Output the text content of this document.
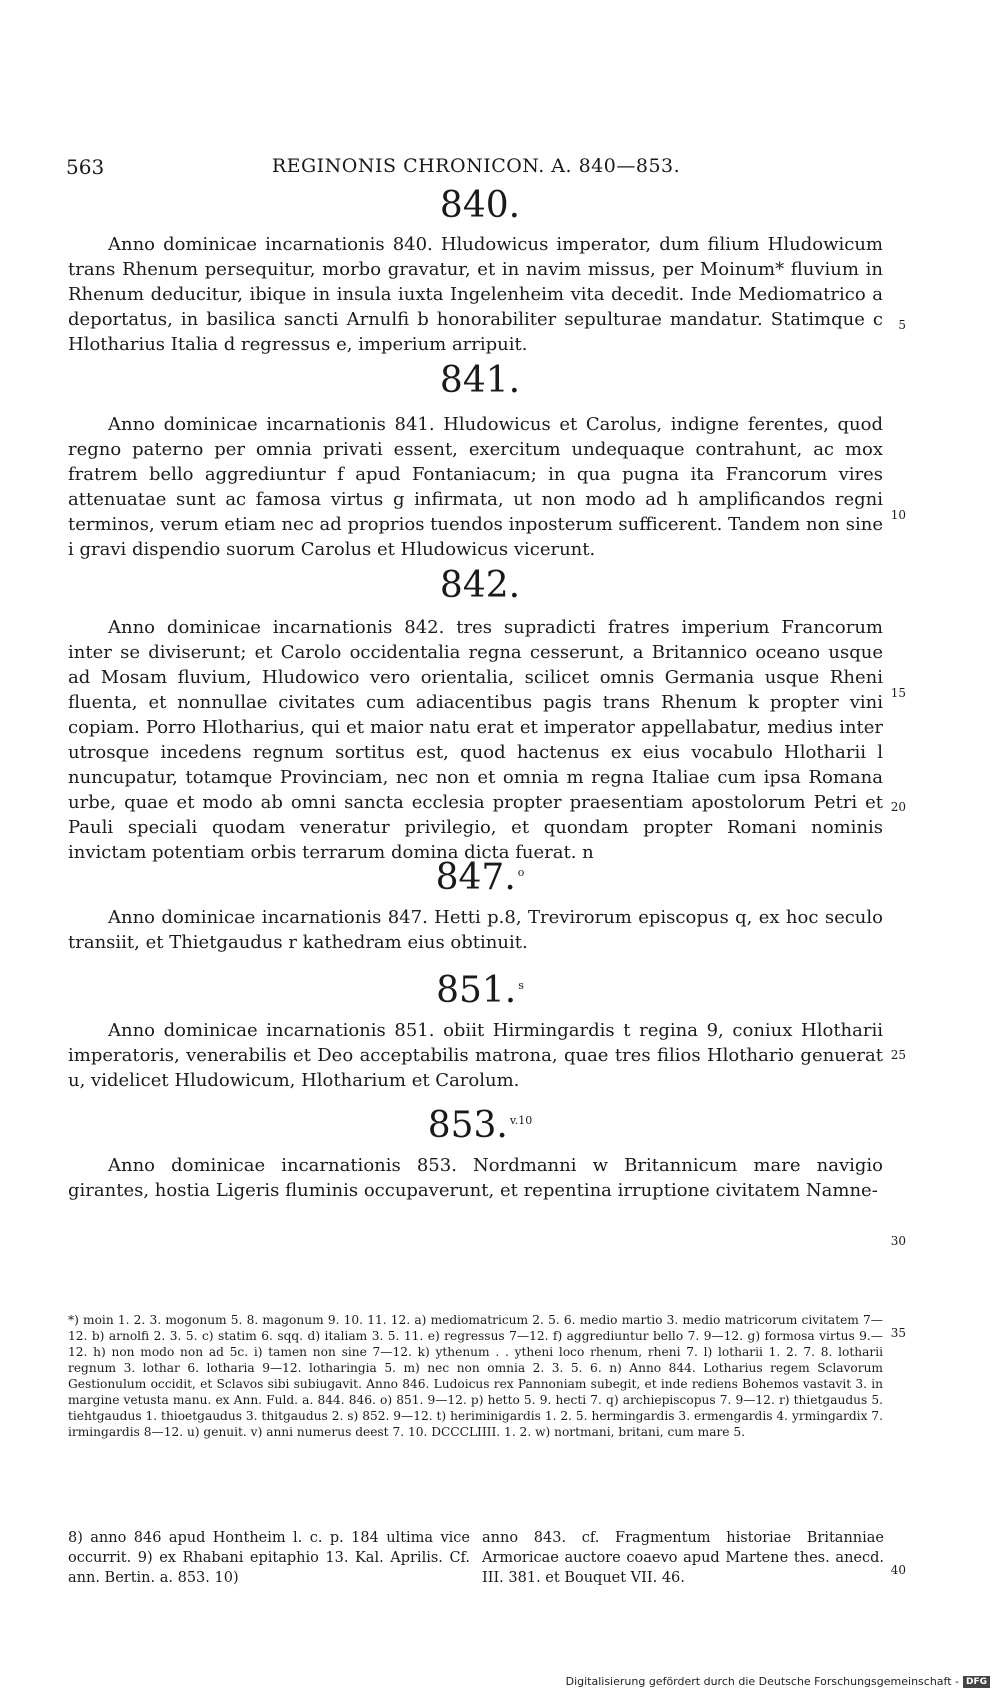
563	REGINONIS CHRONICON. A. 840—853.
840.

Anno dominicae incarnationis 840. Hludowicus imperator, dum filium Hludowicum trans Rhenum persequitur, morbo gravatur, et in navim missus, per Moinum* fluvium in Rhenum deducitur, ibique in insula iuxta Ingelenheim vita decedit. Inde Mediomatrico a deportatus, in basilica sancti Arnulfi b honorabiliter sepulturae mandatur. Statimque c Hlotharius Italia d regressus e, imperium arripuit.

841.

Anno dominicae incarnationis 841. Hludowicus et Carolus, indigne ferentes, quod regno paterno per omnia privati essent, exercitum undequaque contrahunt, ac mox fratrem bello aggrediuntur f apud Fontaniacum; in qua pugna ita Francorum vires attenuatae sunt ac famosa virtus g infirmata, ut non modo ad h amplificandos regni terminos, verum etiam nec ad proprios tuendos inposterum sufficerent. Tandem non sine i gravi dispendio suorum Carolus et Hludowicus vicerunt.

842.

Anno dominicae incarnationis 842. tres supradicti fratres imperium Francorum inter se diviserunt; et Carolo occidentalia regna cesserunt, a Britannico oceano usque ad Mosam fluvium, Hludowico vero orientalia, scilicet omnis Germania usque Rheni fluenta, et nonnullae civitates cum adiacentibus pagis trans Rhenum k propter vini copiam. Porro Hlotharius, qui et maior natu erat et imperator appellabatur, medius inter utrosque incedens regnum sortitus est, quod hactenus ex eius vocabulo Hlotharii l nuncupatur, totamque Provinciam, nec non et omnia m regna Italiae cum ipsa Romana urbe, quae et modo ab omni sancta ecclesia propter praesentiam apostolorum Petri et Pauli speciali quodam veneratur privilegio, et quondam propter Romani nominis invictam potentiam orbis terrarum domina dicta fuerat. n

847. $^o$

Anno dominicae incarnationis 847. Hetti p.8, Trevirorum episcopus q, ex hoc seculo transiit, et Thietgaudus r kathedram eius obtinuit.

851. $^s$

Anno dominicae incarnationis 851. obiit Hirmingardis t regina 9, coniux Hlotharii imperatoris, venerabilis et Deo acceptabilis matrona, quae tres filios Hlothario genuerat u, videlicet Hludowicum, Hlotharium et Carolum.

853. $^{v.10}$

Anno dominicae incarnationis 853. Nordmanni w Britannicum mare navigio girantes, hostia Ligeris fluminis occupaverunt, et repentina irruptione civitatem Namne-

5
10
15
20
25
30
35
40

*) moin 1. 2. 3. mogonum 5. 8. magonum 9. 10. 11. 12. a) mediomatricum 2. 5. 6. medio martio 3. medio matricorum civitatem 7—12. b) arnolfi 2. 3. 5. c) statim 6. sqq. d) italiam 3. 5. 11. e) regressus 7—12. f) aggrediuntur bello 7. 9—12. g) formosa virtus 9.—12. h) non modo non ad 5c. i) tamen non sine 7—12. k) ythenum . . ytheni loco rhenum, rheni 7. l) lotharii 1. 2. 7. 8. lotharii regnum 3. lothar 6. lotharia 9—12. lotharingia 5. m) nec non omnia 2. 3. 5. 6. n) Anno 844. Lotharius regem Sclavorum Gestionulum occidit, et Sclavos sibi subiugavit. Anno 846. Ludoicus rex Pannoniam subegit, et inde rediens Bohemos vastavit 3. in margine vetusta manu. ex Ann. Fuld. a. 844. 846. o) 851. 9—12. p) hetto 5. 9. hecti 7. q) archiepiscopus 7. 9—12. r) thietgaudus 5. tiehtgaudus 1. thioetgaudus 3. thitgaudus 2. s) 852. 9—12. t) heriminigardis 1. 2. 5. hermingardis 3. ermengardis 4. yrmingardix 7. irmingardis 8—12. u) genuit. v) anni numerus deest 7. 10. DCCCLIIII. 1. 2. w) nortmani, britani, cum mare 5.

8) anno 846 apud Hontheim l. c. p. 184 ultima vice occurrit. 9) ex Rhabani epitaphio 13. Kal. Aprilis. Cf. ann. Bertin. a. 853. 10)
anno 843. cf. Fragmentum historiae Britanniae Armoricae auctore coaevo apud Martene thes. anecd. III. 381. et Bouquet VII. 46.
Digitalisierung gefördert durch die Deutsche Forschungsgemeinschaft - DFG
